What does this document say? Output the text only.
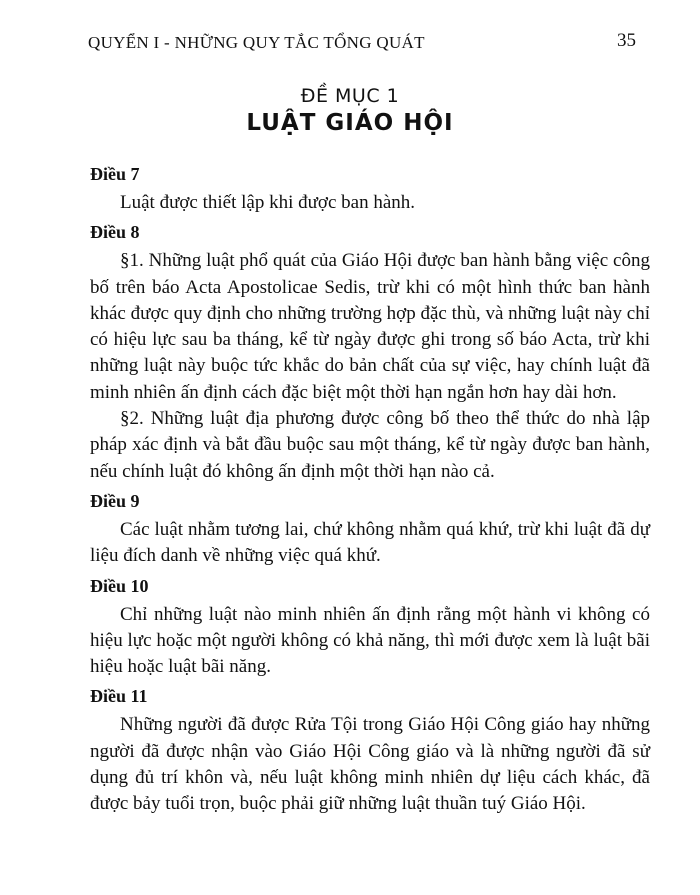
QUYỂN I - NHỮNG QUY TẮC TỔNG QUÁT	35
ĐỀ MỤC 1
LUẬT GIÁO HỘI

Điều 7

Luật được thiết lập khi được ban hành.

Điều 8

§1. Những luật phổ quát của Giáo Hội được ban hành bằng việc công bố trên báo Acta Apostolicae Sedis, trừ khi có một hình thức ban hành khác được quy định cho những trường hợp đặc thù, và những luật này chỉ có hiệu lực sau ba tháng, kể từ ngày được ghi trong số báo Acta, trừ khi những luật này buộc tức khắc do bản chất của sự việc, hay chính luật đã minh nhiên ấn định cách đặc biệt một thời hạn ngắn hơn hay dài hơn.

§2. Những luật địa phương được công bố theo thể thức do nhà lập pháp xác định và bắt đầu buộc sau một tháng, kể từ ngày được ban hành, nếu chính luật đó không ấn định một thời hạn nào cả.

Điều 9

Các luật nhằm tương lai, chứ không nhằm quá khứ, trừ khi luật đã dự liệu đích danh về những việc quá khứ.

Điều 10

Chỉ những luật nào minh nhiên ấn định rằng một hành vi không có hiệu lực hoặc một người không có khả năng, thì mới được xem là luật bãi hiệu hoặc luật bãi năng.

Điều 11

Những người đã được Rửa Tội trong Giáo Hội Công giáo hay những người đã được nhận vào Giáo Hội Công giáo và là những người đã sử dụng đủ trí khôn và, nếu luật không minh nhiên dự liệu cách khác, đã được bảy tuổi trọn, buộc phải giữ những luật thuần tuý Giáo Hội.
